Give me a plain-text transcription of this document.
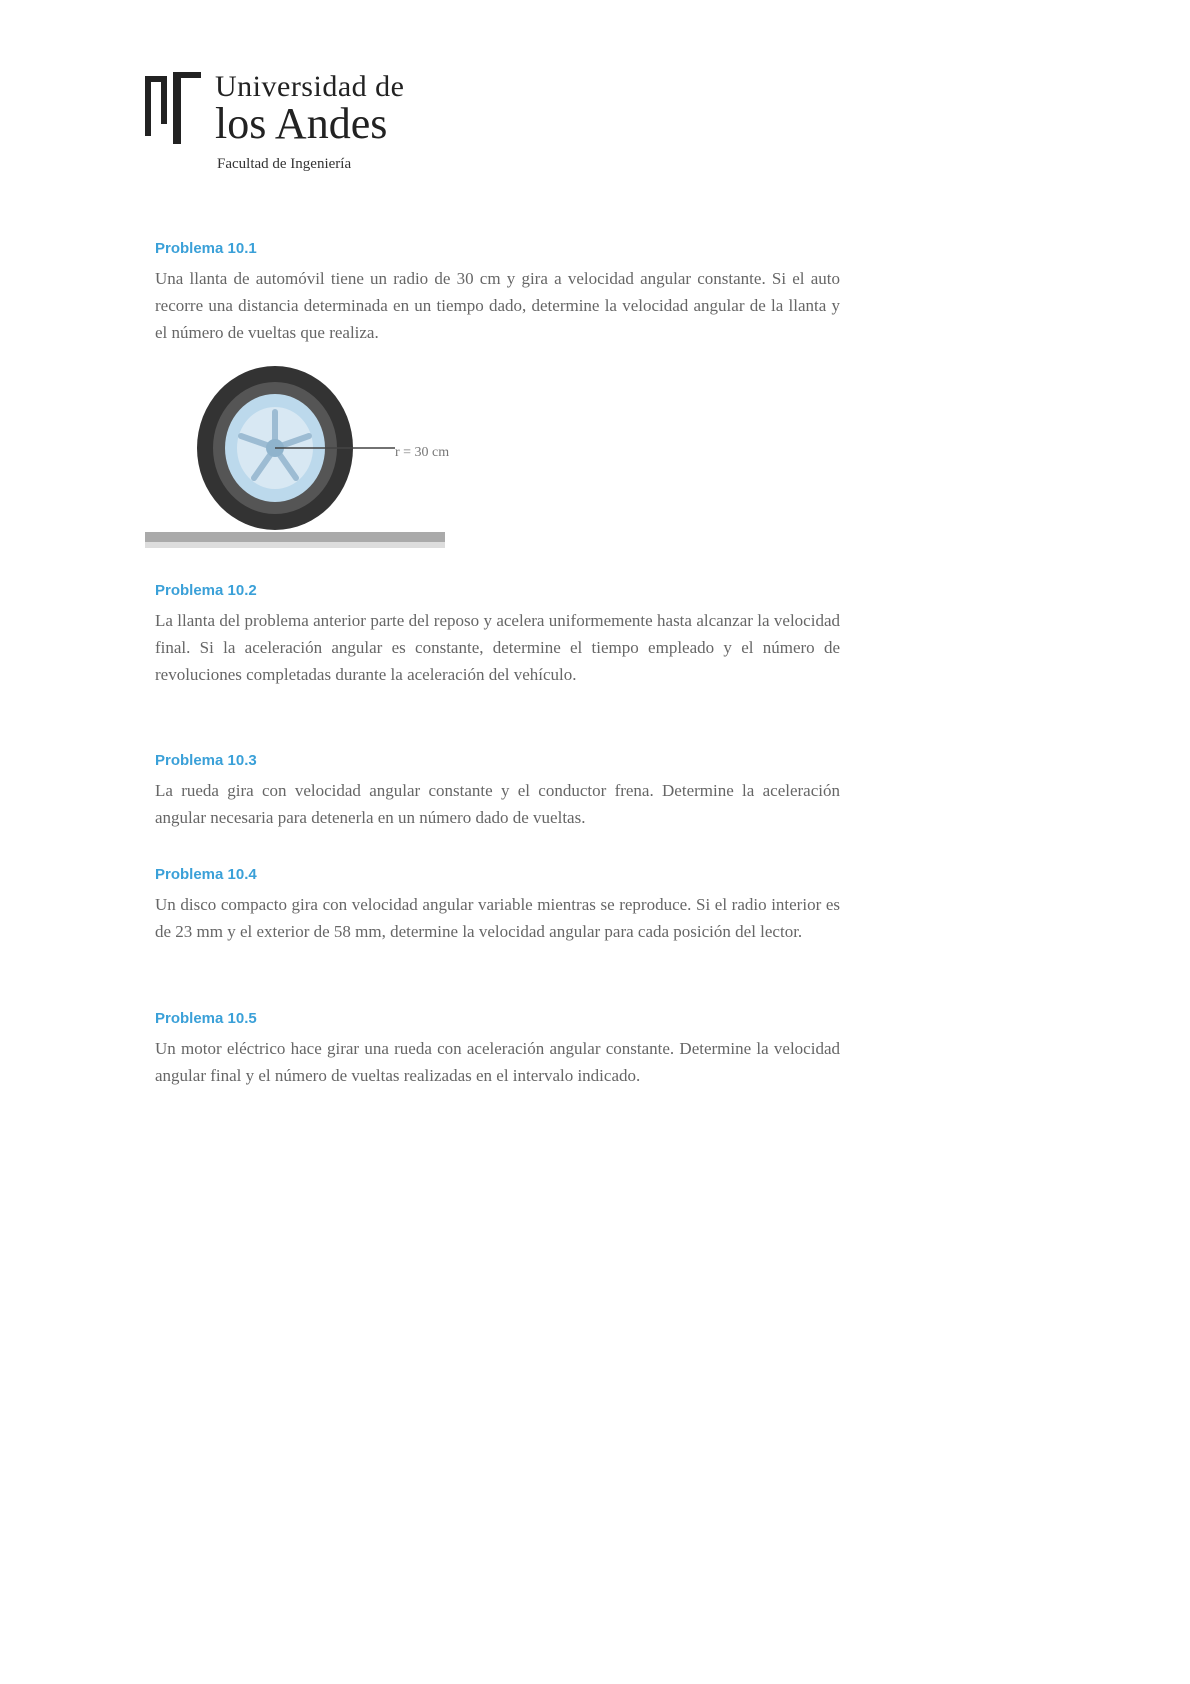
Universidad de
los Andes
Facultad de Ingeniería
Problema 10.1

Una llanta de automóvil tiene un radio de 30 cm y gira a velocidad angular constante. Si el auto recorre una distancia determinada en un tiempo dado, determine la velocidad angular de la llanta y el número de vueltas que realiza.

r = 30 cm
Problema 10.2

La llanta del problema anterior parte del reposo y acelera uniformemente hasta alcanzar la velocidad final. Si la aceleración angular es constante, determine el tiempo empleado y el número de revoluciones completadas durante la aceleración del vehículo.

Problema 10.3

La rueda gira con velocidad angular constante y el conductor frena. Determine la aceleración angular necesaria para detenerla en un número dado de vueltas.

Problema 10.4

Un disco compacto gira con velocidad angular variable mientras se reproduce. Si el radio interior es de 23 mm y el exterior de 58 mm, determine la velocidad angular para cada posición del lector.

Problema 10.5

Un motor eléctrico hace girar una rueda con aceleración angular constante. Determine la velocidad angular final y el número de vueltas realizadas en el intervalo indicado.
